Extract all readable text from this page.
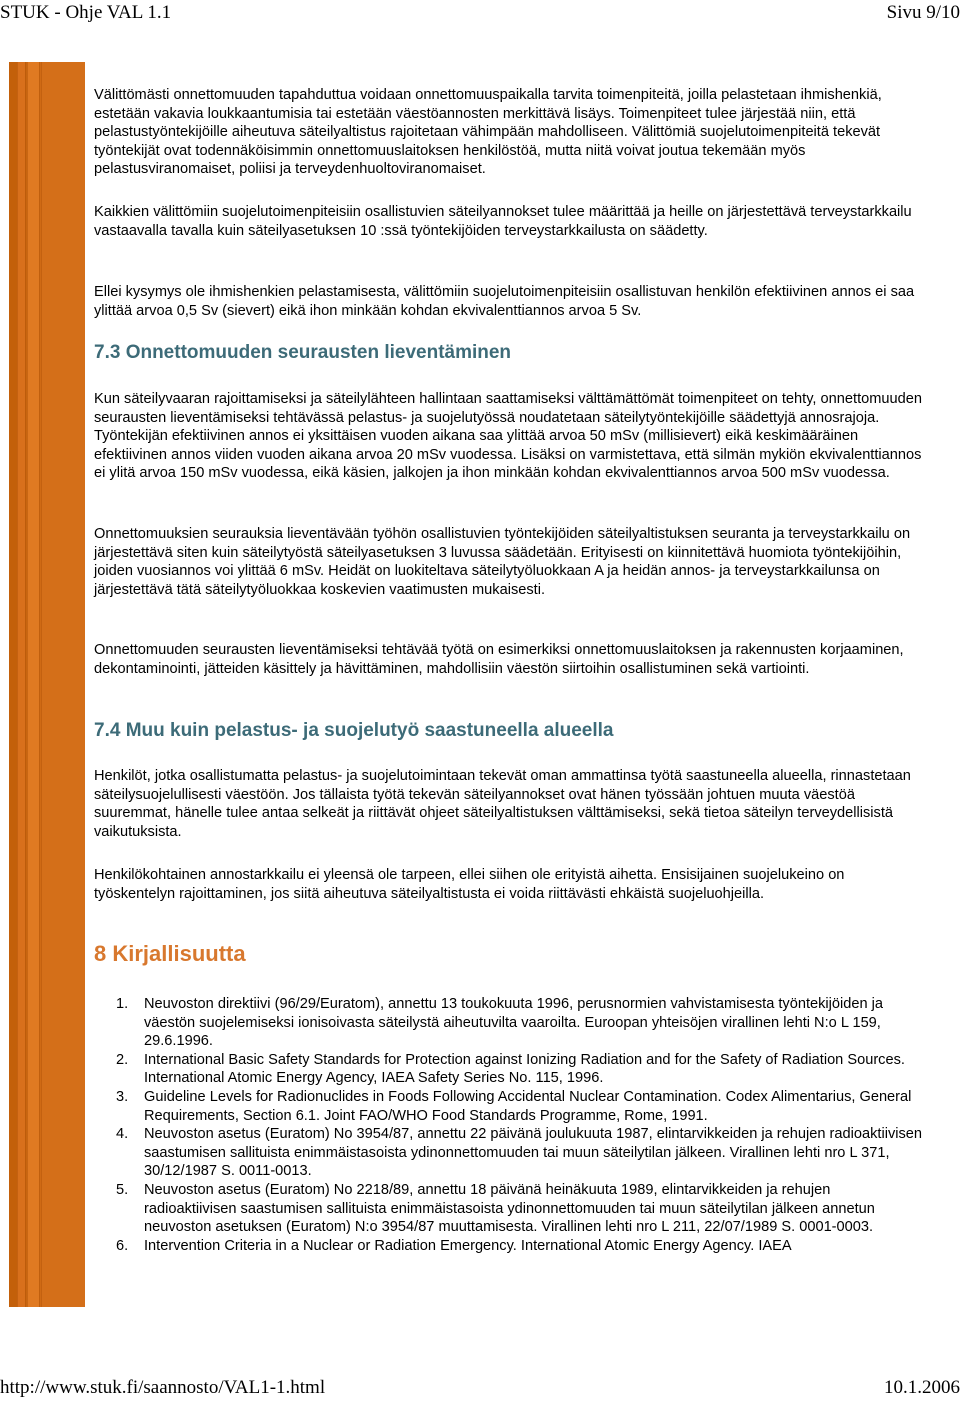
STUK - Ohje VAL 1.1	Sivu 9/10

Välittömästi onnettomuuden tapahduttua voidaan onnettomuuspaikalla tarvita toimenpiteitä, joilla pelastetaan ihmishenkiä, estetään vakavia loukkaantumisia tai estetään väestöannosten merkittävä lisäys. Toimenpiteet tulee järjestää niin, että pelastustyöntekijöille aiheutuva säteilyaltistus rajoitetaan vähimpään mahdolliseen. Välittömiä suojelutoimenpiteitä tekevät työntekijät ovat todennäköisimmin onnettomuuslaitoksen henkilöstöä, mutta niitä voivat joutua tekemään myös pelastusviranomaiset, poliisi ja terveydenhuoltoviranomaiset.

Kaikkien välittömiin suojelutoimenpiteisiin osallistuvien säteilyannokset tulee määrittää ja heille on järjestettävä terveystarkkailu vastaavalla tavalla kuin säteilyasetuksen 10 :ssä työntekijöiden terveystarkkailusta on säädetty.

Ellei kysymys ole ihmishenkien pelastamisesta, välittömiin suojelutoimenpiteisiin osallistuvan henkilön efektiivinen annos ei saa ylittää arvoa 0,5 Sv (sievert) eikä ihon minkään kohdan ekvivalenttiannos arvoa 5 Sv.

7.3 Onnettomuuden seurausten lieventäminen

Kun säteilyvaaran rajoittamiseksi ja säteilylähteen hallintaan saattamiseksi välttämättömät toimenpiteet on tehty, onnettomuuden seurausten lieventämiseksi tehtävässä pelastus- ja suojelutyössä noudatetaan säteilytyöntekijöille säädettyjä annosrajoja. Työntekijän efektiivinen annos ei yksittäisen vuoden aikana saa ylittää arvoa 50 mSv (millisievert) eikä keskimääräinen efektiivinen annos viiden vuoden aikana arvoa 20 mSv vuodessa. Lisäksi on varmistettava, että silmän mykiön ekvivalenttiannos ei ylitä arvoa 150 mSv vuodessa, eikä käsien, jalkojen ja ihon minkään kohdan ekvivalenttiannos arvoa 500 mSv vuodessa.

Onnettomuuksien seurauksia lieventävään työhön osallistuvien työntekijöiden säteilyaltistuksen seuranta ja terveystarkkailu on järjestettävä siten kuin säteilytyöstä säteilyasetuksen 3 luvussa säädetään. Erityisesti on kiinnitettävä huomiota työntekijöihin, joiden vuosiannos voi ylittää 6 mSv. Heidät on luokiteltava säteilytyöluokkaan A ja heidän annos- ja terveystarkkailunsa on järjestettävä tätä säteilytyöluokkaa koskevien vaatimusten mukaisesti.

Onnettomuuden seurausten lieventämiseksi tehtävää työtä on esimerkiksi onnettomuuslaitoksen ja rakennusten korjaaminen, dekontaminointi, jätteiden käsittely ja hävittäminen, mahdollisiin väestön siirtoihin osallistuminen sekä vartiointi.

7.4 Muu kuin pelastus- ja suojelutyö saastuneella alueella

Henkilöt, jotka osallistumatta pelastus- ja suojelutoimintaan tekevät oman ammattinsa työtä saastuneella alueella, rinnastetaan säteilysuojelullisesti väestöön. Jos tällaista työtä tekevän säteilyannokset ovat hänen työssään johtuen muuta väestöä suuremmat, hänelle tulee antaa selkeät ja riittävät ohjeet säteilyaltistuksen välttämiseksi, sekä tietoa säteilyn terveydellisistä vaikutuksista.

Henkilökohtainen annostarkkailu ei yleensä ole tarpeen, ellei siihen ole erityistä aihetta. Ensisijainen suojelukeino on työskentelyn rajoittaminen, jos siitä aiheutuva säteilyaltistusta ei voida riittävästi ehkäistä suojeluohjeilla.

8 Kirjallisuutta
1. Neuvoston direktiivi (96/29/Euratom), annettu 13 toukokuuta 1996, perusnormien vahvistamisesta työntekijöiden ja väestön suojelemiseksi ionisoivasta säteilystä aiheutuvilta vaaroilta. Euroopan yhteisöjen virallinen lehti N:o L 159, 29.6.1996.
2. International Basic Safety Standards for Protection against Ionizing Radiation and for the Safety of Radiation Sources. International Atomic Energy Agency, IAEA Safety Series No. 115, 1996.
3. Guideline Levels for Radionuclides in Foods Following Accidental Nuclear Contamination. Codex Alimentarius, General Requirements, Section 6.1. Joint FAO/WHO Food Standards Programme, Rome, 1991.
4. Neuvoston asetus (Euratom) No 3954/87, annettu 22 päivänä joulukuuta 1987, elintarvikkeiden ja rehujen radioaktiivisen saastumisen sallituista enimmäistasoista ydinonnettomuuden tai muun säteilytilan jälkeen. Virallinen lehti nro L 371, 30/12/1987 S. 0011-0013.
5. Neuvoston asetus (Euratom) No 2218/89, annettu 18 päivänä heinäkuuta 1989, elintarvikkeiden ja rehujen radioaktiivisen saastumisen sallituista enimmäistasoista ydinonnettomuuden tai muun säteilytilan jälkeen annetun neuvoston asetuksen (Euratom) N:o 3954/87 muuttamisesta. Virallinen lehti nro L 211, 22/07/1989 S. 0001-0003.
6. Intervention Criteria in a Nuclear or Radiation Emergency. International Atomic Energy Agency. IAEA
http://www.stuk.fi/saannosto/VAL1-1.html	10.1.2006
